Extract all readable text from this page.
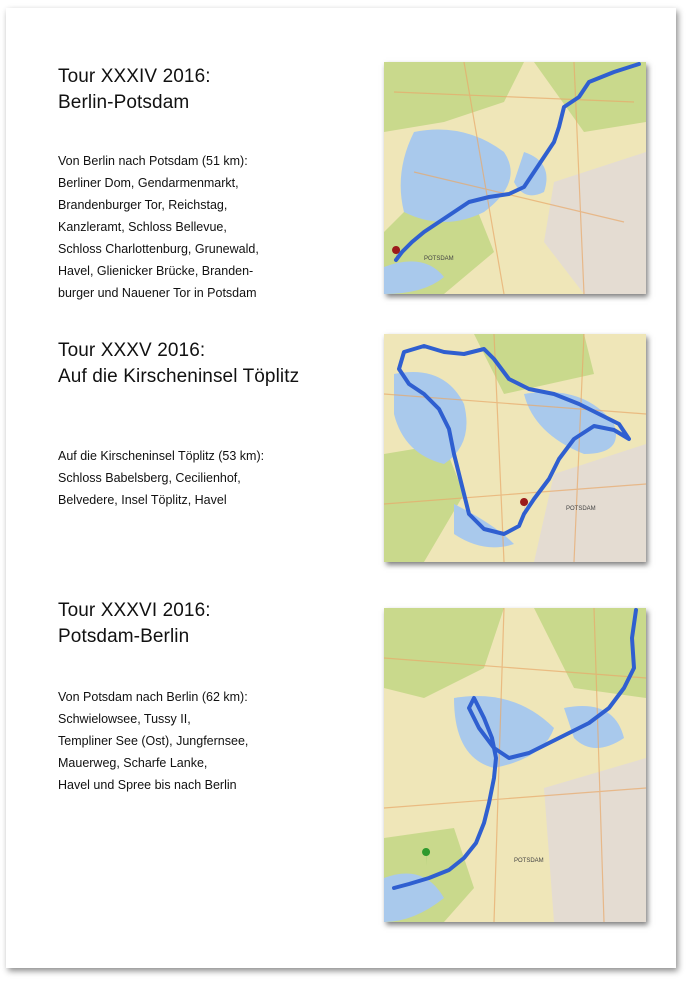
Tour XXXIV 2016:
Berlin-Potsdam
Von Berlin nach Potsdam (51 km):
Berliner Dom, Gendarmenmarkt,
Brandenburger Tor, Reichstag,
Kanzleramt, Schloss Bellevue,
Schloss Charlottenburg, Grunewald,
Havel, Glienicker Brücke, Branden-
burger und Nauener Tor in Potsdam
POTSDAM
Tour XXXV 2016:
Auf die Kirscheninsel Töplitz
Auf die Kirscheninsel Töplitz (53 km):
Schloss Babelsberg, Cecilienhof,
Belvedere, Insel Töplitz, Havel
POTSDAM
Tour XXXVI 2016:
Potsdam-Berlin
Von Potsdam nach Berlin (62 km):
Schwielowsee, Tussy II,
Templiner See (Ost), Jungfernsee,
Mauerweg, Scharfe Lanke,
Havel und Spree bis nach Berlin
POTSDAM
